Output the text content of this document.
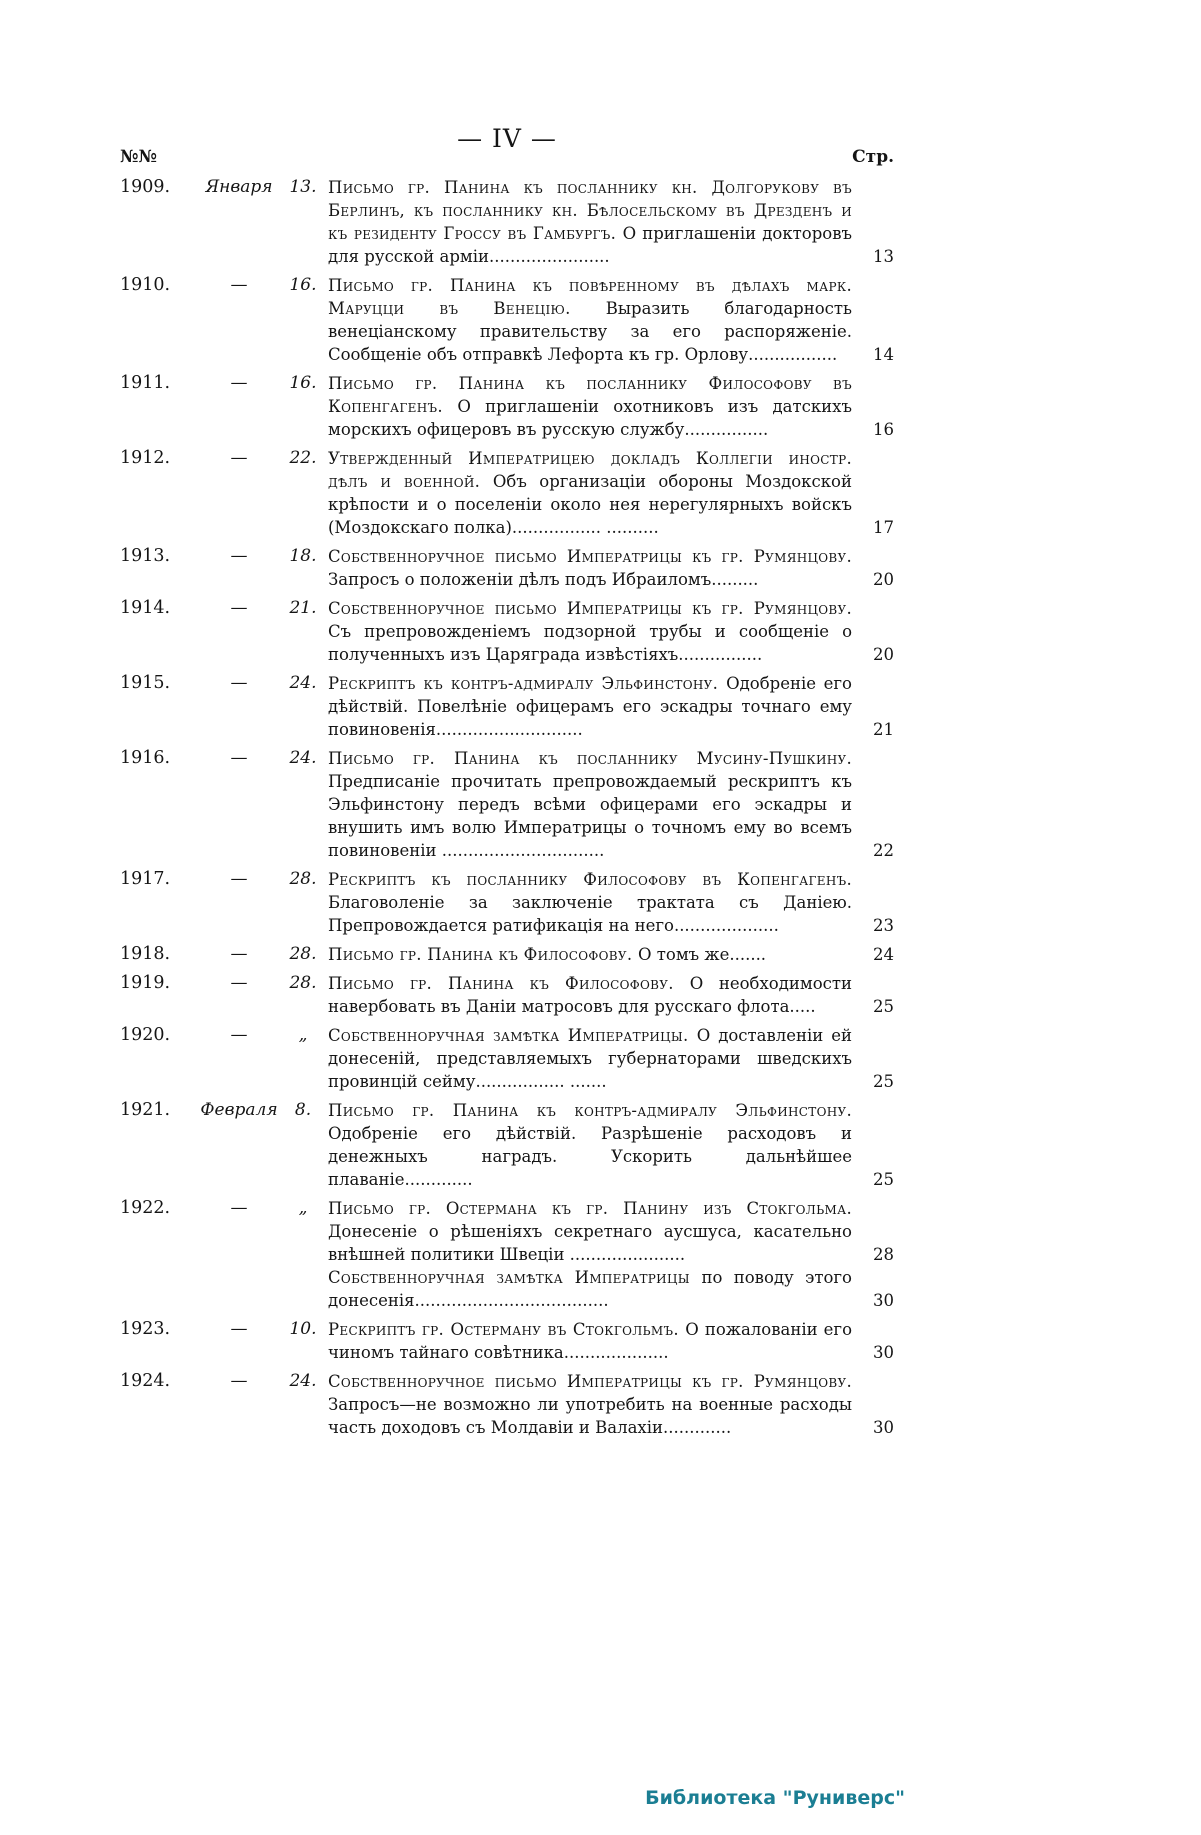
— IV —
№№	Стр.
1909.	Января 13. Письмо гр. Панина къ посланнику кн. Долгорукову въ Берлинъ, къ посланнику кн. Бѣлосельскому въ Дрезденъ и къ резиденту Гроссу въ Гамбургъ. О приглашеніи докторовъ для русской арміи.......................	13
1910.	—	16. Письмо гр. Панина къ повѣренному въ дѣлахъ марк. Маруцци въ Венецію. Выразить благодарность венеціанскому правительству за его распоряженіе. Сообщеніе объ отправкѣ Лефорта къ гр. Орлову.................	14
1911.	—	16. Письмо гр. Панина къ посланнику Философову въ Копенгагенъ. О приглашеніи охотниковъ изъ датскихъ морскихъ офицеровъ въ русскую службу................	16
1912.	—	22. Утвержденный Императрицею докладъ Коллегіи иностр. дѣлъ и военной. Объ организаціи обороны Моздокской крѣпости и о поселеніи около нея нерегулярныхъ войскъ (Моздокскаго полка)................. ..........	17
1913.	—	18. Собственноручное письмо Императрицы къ гр. Румянцову. Запросъ о положеніи дѣлъ подъ Ибраиломъ.........	20
1914.	—	21. Собственноручное письмо Императрицы къ гр. Румянцову. Съ препровожденіемъ подзорной трубы и сообщеніе о полученныхъ изъ Царяграда извѣстіяхъ................	20
1915.	—	24. Рескриптъ къ контръ-адмиралу Эльфинстону. Одобреніе его дѣйствій. Повелѣніе офицерамъ его эскадры точнаго ему повиновенія............................	21
1916.	—	24. Письмо гр. Панина къ посланнику Мусину-Пушкину. Предписаніе прочитать препровождаемый рескриптъ къ Эльфинстону передъ всѣми офицерами его эскадры и внушить имъ волю Императрицы о точномъ ему во всемъ повиновеніи ...............................	22
1917.	—	28. Рескриптъ къ посланнику Философову въ Копенгагенъ. Благоволеніе за заключеніе трактата съ Даніею. Препровождается ратификація на него....................	23
1918.	—	28. Письмо гр. Панина къ Философову. О томъ же.......	24
1919.	—	28. Письмо гр. Панина къ Философову. О необходимости навербовать въ Даніи матросовъ для русскаго флота.....	25
1920.	—	„	Собственноручная замѣтка Императрицы. О доставленіи ей донесеній, представляемыхъ губернаторами шведскихъ провинцій сейму................. .......	25
1921.	Февраля	8.	Письмо гр. Панина къ контръ-адмиралу Эльфинстону. Одобреніе его дѣйствій. Разрѣшеніе расходовъ и денежныхъ наградъ. Ускорить дальнѣйшее плаваніе.............	25
1922.	—	„	Письмо гр. Остермана къ гр. Панину изъ Стокгольма. Донесеніе о рѣшеніяхъ секретнаго аусшуса, касательно внѣшней политики Швеціи ......................	28
Собственноручная замѣтка Императрицы по поводу этого донесенія.....................................	30
1923.	—	10. Рескриптъ гр. Остерману въ Стокгольмъ. О пожалованіи его чиномъ тайнаго совѣтника....................	30
1924.	—	24. Собственноручное письмо Императрицы къ гр. Румянцову. Запросъ—не возможно ли употребить на военные расходы часть доходовъ съ Молдавіи и Валахіи.............	30
Библиотека "Руниверс"
